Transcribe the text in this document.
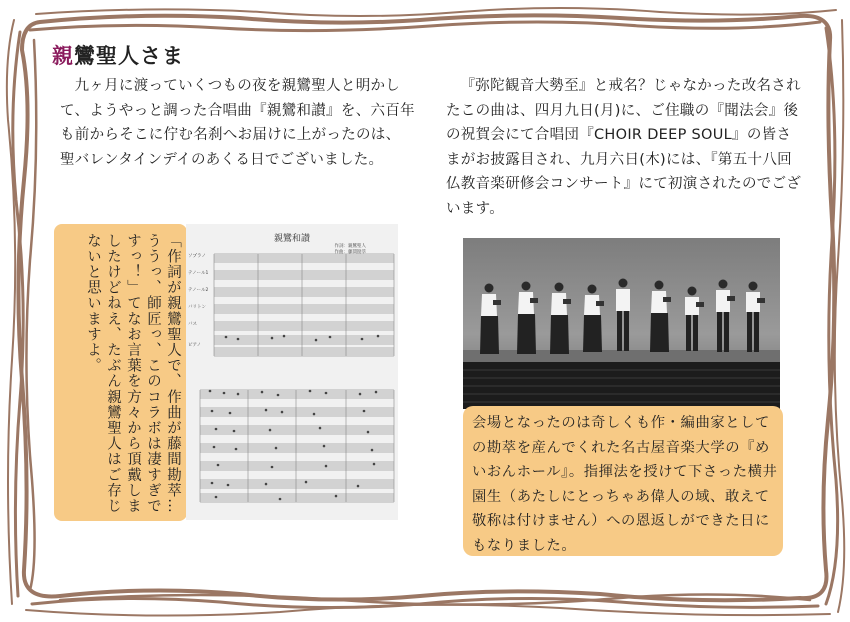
親鸞聖人さま
九ヶ月に渡っていくつもの夜を親鸞聖人と明かして、ようやっと調った合唱曲『親鸞和讃』を、六百年も前からそこに佇む名刹へお届けに上がったのは、聖バレンタインデイのあくる日でございました。
『弥陀観音大勢至』と戒名？じゃなかった改名されたこの曲は、四月九日(月)に、ご住職の『聞法会』後の祝賀会にて合唱団『CHOIR DEEP SOUL』の皆さまがお披露目され、九月六日(木)には、『第五十八回仏教音楽研修会コンサート』にて初演されたのでございます。
「作詞が親鸞聖人で、作曲が藤間勘萃…ううっ、師匠っ、このコラボは凄すぎですっ！」てなお言葉を方々から頂戴しましたけどねえ、たぶん親鸞聖人はご存じないと思いますよ。	親鸞和讃
作詞：親鸞聖人
作曲：藤間勘萃
ソプラノ
テノール1
テノール2
バリトン
バス
ピアノ
会場となったのは奇しくも作・編曲家としての勘萃を産んでくれた名古屋音楽大学の『めいおんホール』。指揮法を授けて下さった横井園生（あたしにとっちゃあ偉人の域、敢えて敬称は付けません）への恩返しができた日にもなりました。
